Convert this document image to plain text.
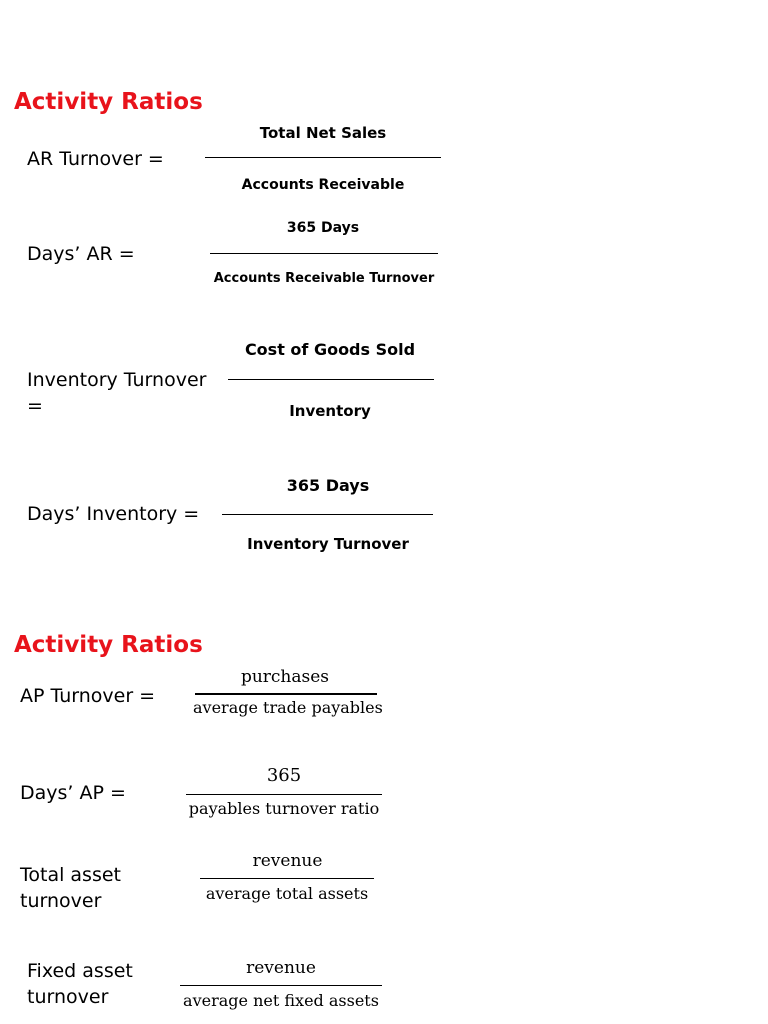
Activity Ratios
AR Turnover =
Total Net Sales
Accounts Receivable
Days’ AR =
365 Days
Accounts Receivable Turnover
Inventory Turnover
=
Cost of Goods Sold
Inventory
Days’ Inventory =
365 Days
Inventory Turnover
Activity Ratios
AP Turnover =
purchases
average trade payables
Days’ AP =
365
payables turnover ratio
Total asset
turnover
revenue
average total assets
Fixed asset
turnover
revenue
average net fixed assets
